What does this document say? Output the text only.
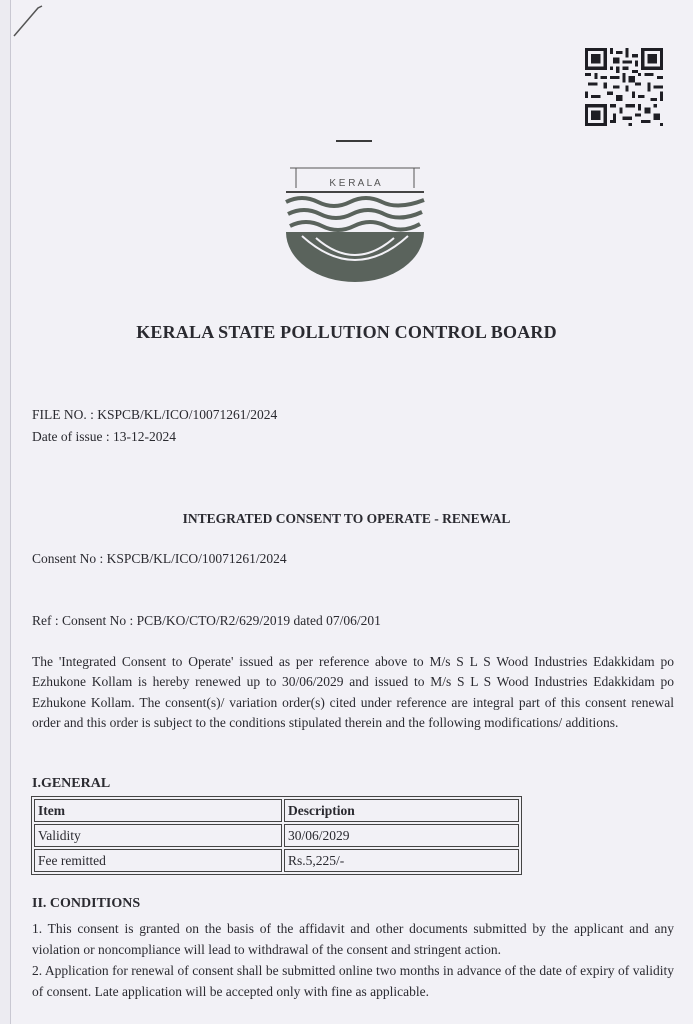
K E R A L A
KERALA STATE POLLUTION CONTROL BOARD
FILE NO. : KSPCB/KL/ICO/10071261/2024
Date of issue : 13-12-2024
INTEGRATED CONSENT TO OPERATE - RENEWAL
Consent No : KSPCB/KL/ICO/10071261/2024
Ref : Consent No : PCB/KO/CTO/R2/629/2019 dated 07/06/201
The 'Integrated Consent to Operate' issued as per reference above to M/s S L S Wood Industries Edakkidam po Ezhukone Kollam is hereby renewed up to 30/06/2029 and issued to M/s S L S Wood Industries Edakkidam po Ezhukone Kollam. The consent(s)/ variation order(s) cited under reference are integral part of this consent renewal order and this order is subject to the conditions stipulated therein and the following modifications/ additions.
I.GENERAL
Item	Description
Validity	30/06/2029
Fee remitted	Rs.5,225/-
II. CONDITIONS

1. This consent is granted on the basis of the affidavit and other documents submitted by the applicant and any violation or noncompliance will lead to withdrawal of the consent and stringent action.

2. Application for renewal of consent shall be submitted online two months in advance of the date of expiry of validity of consent. Late application will be accepted only with fine as applicable.
